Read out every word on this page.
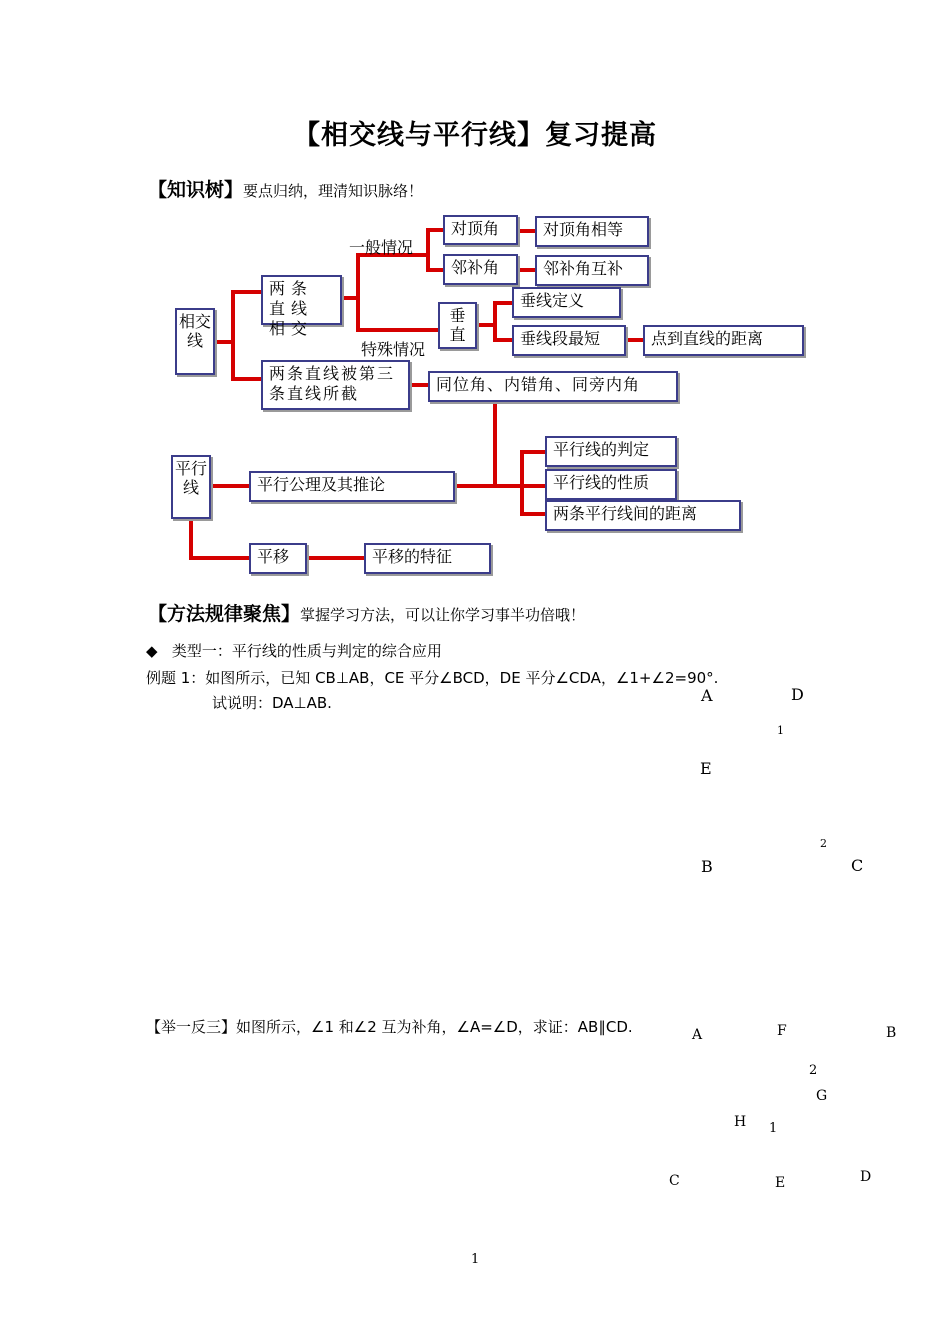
【相交线与平行线】复习提高
【知识树】要点归纳，理清知识脉络！
相交线
两条直线相交
两条直线被第三条直线所截
一般情况
特殊情况
对顶角	对顶角相等
邻补角	邻补角互补
垂直
垂线定义
垂线段最短	点到直线的距离
同位角、内错角、同旁内角
平行线	平行公理及其推论
平行线的判定
平行线的性质
两条平行线间的距离
平移	平移的特征
【方法规律聚焦】掌握学习方法，可以让你学习事半功倍哦！
◆ 类型一：平行线的性质与判定的综合应用
例题 1：如图所示，已知 CB⊥AB，CE 平分∠BCD，DE 平分∠CDA，∠1+∠2=90°.
试说明：DA⊥AB.	A	D
1
E
2
B	C
【举一反三】如图所示，∠1 和∠2 互为补角，∠A=∠D，求证：AB∥CD.	A	F	B
2
G
H 1
C	E	D
1
